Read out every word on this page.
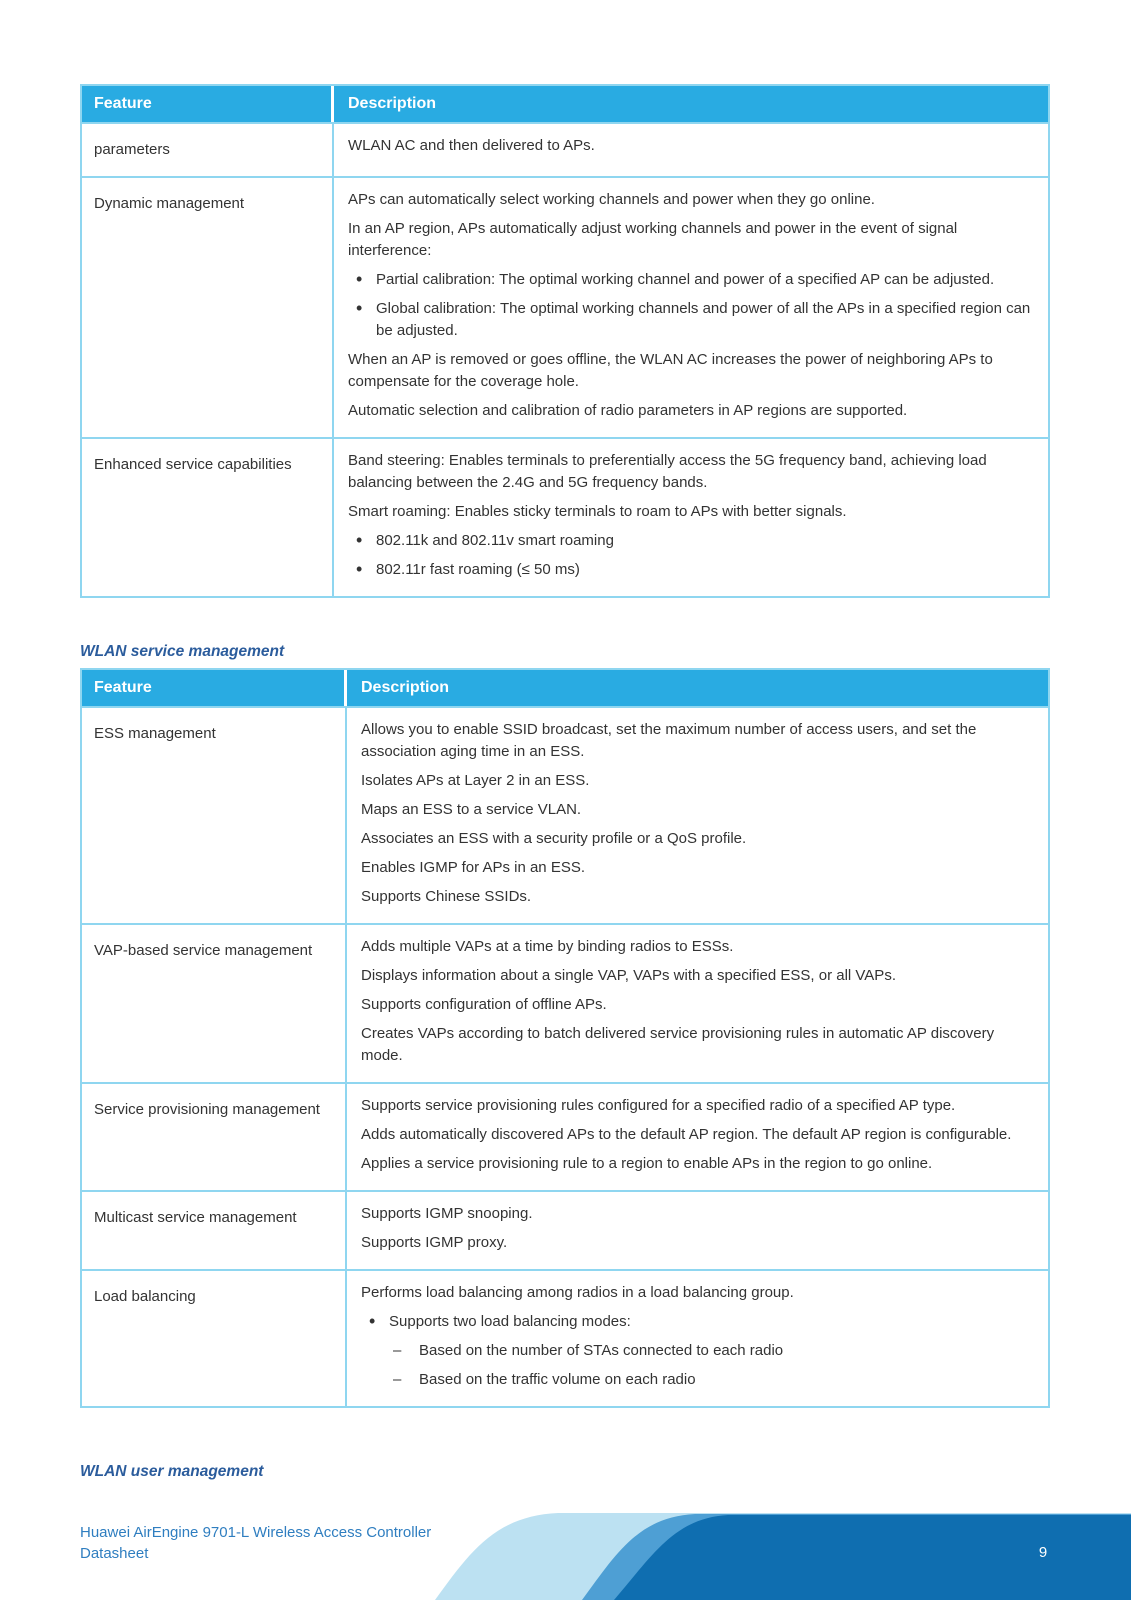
Feature	Description
parameters	WLAN AC and then delivered to APs.
Dynamic management	APs can automatically select working channels and power when they go online.
In an AP region, APs automatically adjust working channels and power in the event of signal interference:
• Partial calibration: The optimal working channel and power of a specified AP can be adjusted.
• Global calibration: The optimal working channels and power of all the APs in a specified region can be adjusted.
When an AP is removed or goes offline, the WLAN AC increases the power of neighboring APs to compensate for the coverage hole.
Automatic selection and calibration of radio parameters in AP regions are supported.
Enhanced service capabilities	Band steering: Enables terminals to preferentially access the 5G frequency band, achieving load balancing between the 2.4G and 5G frequency bands.
Smart roaming: Enables sticky terminals to roam to APs with better signals.
• 802.11k and 802.11v smart roaming
• 802.11r fast roaming (≤ 50 ms)
WLAN service management
Feature	Description
ESS management	Allows you to enable SSID broadcast, set the maximum number of access users, and set the association aging time in an ESS.
Isolates APs at Layer 2 in an ESS.
Maps an ESS to a service VLAN.
Associates an ESS with a security profile or a QoS profile.
Enables IGMP for APs in an ESS.
Supports Chinese SSIDs.
VAP-based service management	Adds multiple VAPs at a time by binding radios to ESSs.
Displays information about a single VAP, VAPs with a specified ESS, or all VAPs.
Supports configuration of offline APs.
Creates VAPs according to batch delivered service provisioning rules in automatic AP discovery mode.
Service provisioning management	Supports service provisioning rules configured for a specified radio of a specified AP type.
Adds automatically discovered APs to the default AP region. The default AP region is configurable.
Applies a service provisioning rule to a region to enable APs in the region to go online.
Multicast service management	Supports IGMP snooping.
Supports IGMP proxy.
Load balancing	Performs load balancing among radios in a load balancing group.
• Supports two load balancing modes:
– Based on the number of STAs connected to each radio
– Based on the traffic volume on each radio
WLAN user management
Huawei AirEngine 9701-L Wireless Access Controller
Datasheet	9
